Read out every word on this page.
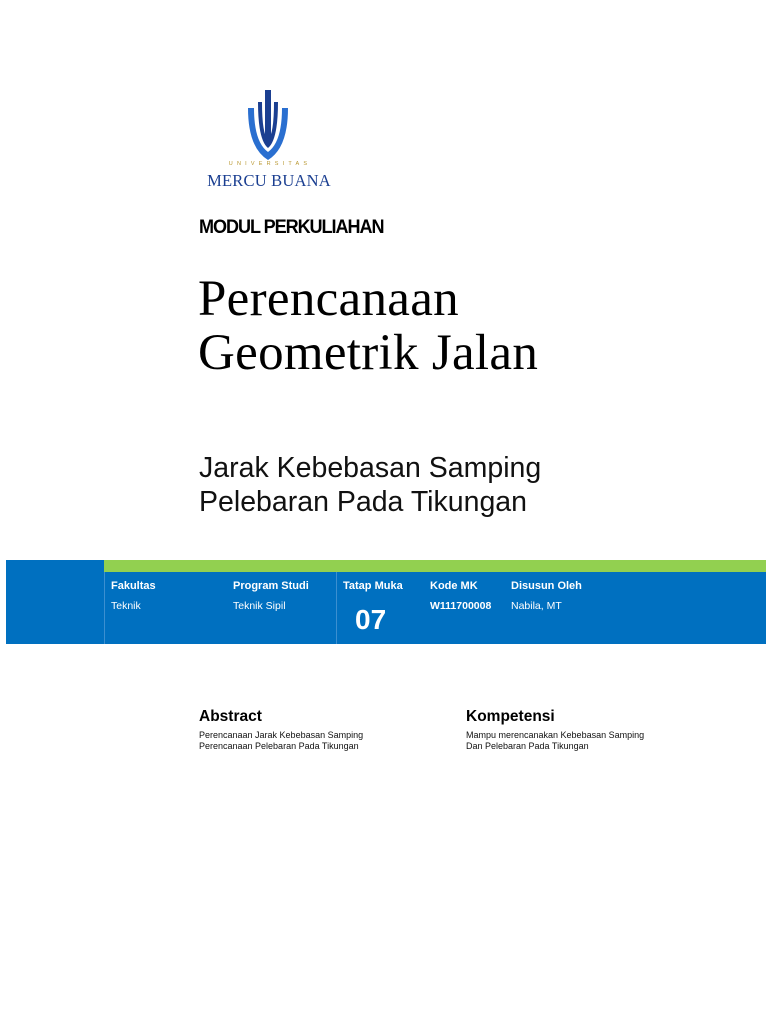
UNIVERSITAS
MERCU BUANA
MODUL PERKULIAHAN
Perencanaan
Geometrik Jalan
Jarak Kebebasan Samping
Pelebaran Pada Tikungan
Fakultas
Teknik
Program Studi
Teknik Sipil
Tatap Muka
07
Kode MK
W111700008
Disusun Oleh
Nabila, MT
Abstract
Perencanaan Jarak Kebebasan Samping
Perencanaan Pelebaran Pada Tikungan
Kompetensi
Mampu merencanakan Kebebasan Samping
Dan Pelebaran Pada Tikungan
